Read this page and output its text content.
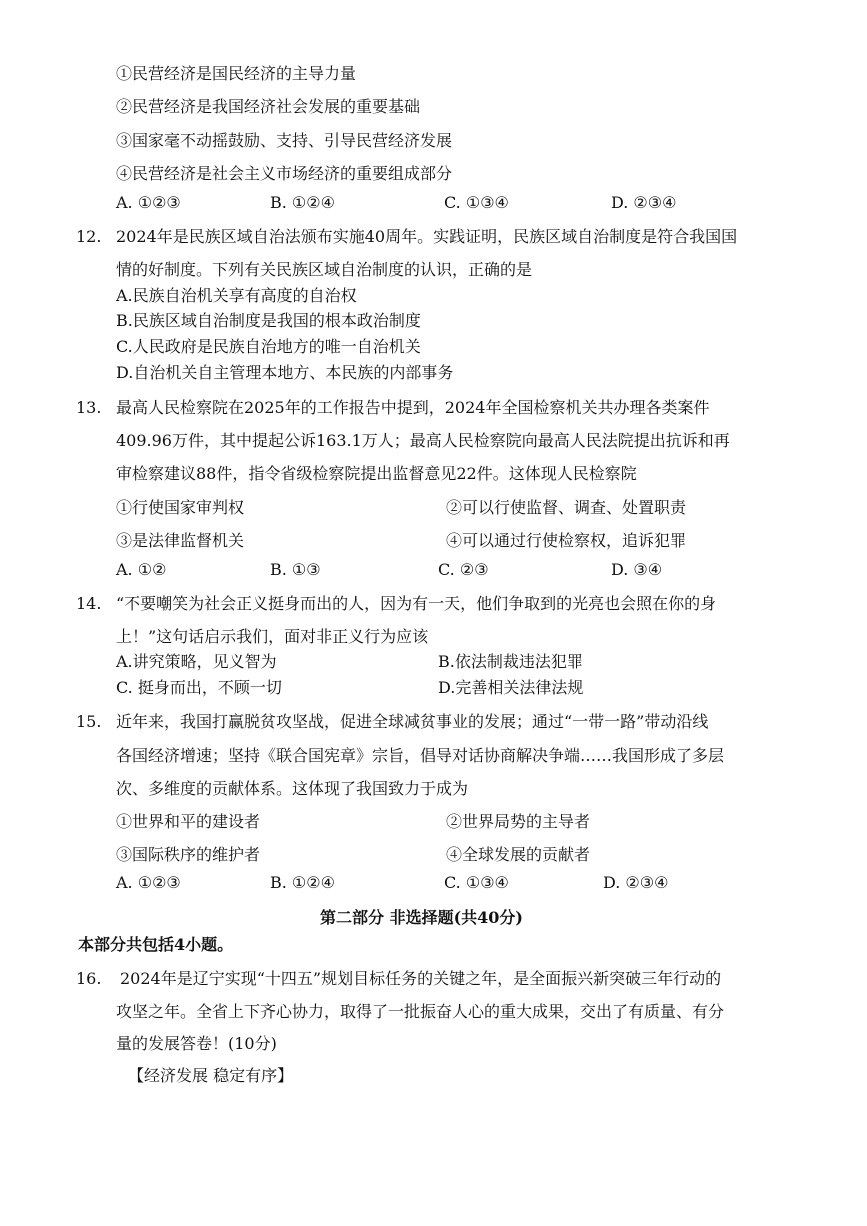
①民营经济是国民经济的主导力量
②民营经济是我国经济社会发展的重要基础
③国家毫不动摇鼓励、支持、引导民营经济发展
④民营经济是社会主义市场经济的重要组成部分
A. ①②③	B. ①②④	C. ①③④	D. ②③④
12. 2024年是民族区域自治法颁布实施40周年。实践证明，民族区域自治制度是符合我国国
情的好制度。下列有关民族区域自治制度的认识，正确的是
A.民族自治机关享有高度的自治权
B.民族区域自治制度是我国的根本政治制度
C.人民政府是民族自治地方的唯一自治机关
D.自治机关自主管理本地方、本民族的内部事务
13. 最高人民检察院在2025年的工作报告中提到，2024年全国检察机关共办理各类案件
409.96万件，其中提起公诉163.1万人；最高人民检察院向最高人民法院提出抗诉和再
审检察建议88件，指令省级检察院提出监督意见22件。这体现人民检察院
①行使国家审判权	②可以行使监督、调查、处置职责
③是法律监督机关	④可以通过行使检察权，追诉犯罪
A. ①②	B. ①③	C. ②③	D. ③④
14. “不要嘲笑为社会正义挺身而出的人，因为有一天，他们争取到的光亮也会照在你的身
上！”这句话启示我们，面对非正义行为应该
A.讲究策略，见义智为	B.依法制裁违法犯罪
C. 挺身而出，不顾一切	D.完善相关法律法规
15. 近年来，我国打赢脱贫攻坚战，促进全球减贫事业的发展；通过“一带一路”带动沿线
各国经济增速；坚持《联合国宪章》宗旨，倡导对话协商解决争端……我国形成了多层
次、多维度的贡献体系。这体现了我国致力于成为
①世界和平的建设者	②世界局势的主导者
③国际秩序的维护者	④全球发展的贡献者
A. ①②③	B. ①②④	C. ①③④	D. ②③④
第二部分 非选择题(共40分)
本部分共包括4小题。
16. 2024年是辽宁实现“十四五”规划目标任务的关键之年，是全面振兴新突破三年行动的
攻坚之年。全省上下齐心协力，取得了一批振奋人心的重大成果，交出了有质量、有分
量的发展答卷！(10分)
【经济发展 稳定有序】
